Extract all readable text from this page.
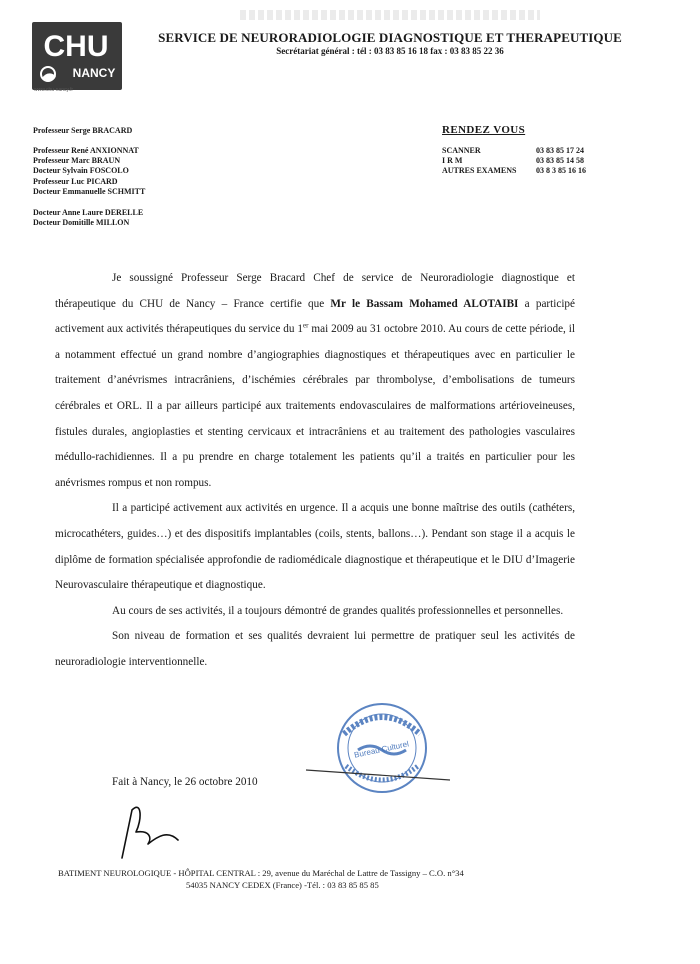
CHU
NANCY
www.chu-nancy.fr
SERVICE DE NEURORADIOLOGIE DIAGNOSTIQUE ET THERAPEUTIQUE
Secrétariat général : tél : 03 83 85 16 18 fax : 03 83 85 22 36
Professeur Serge BRACARD
Professeur René ANXIONNAT
Professeur Marc BRAUN
Docteur Sylvain FOSCOLO
Professeur Luc PICARD
Docteur Emmanuelle SCHMITT
Docteur Anne Laure DERELLE
Docteur Domitille MILLON
RENDEZ VOUS
SCANNER	03 83 85 17 24
I R M	03 83 85 14 58
AUTRES EXAMENS	03 8 3 85 16 16

Je soussigné Professeur Serge Bracard Chef de service de Neuroradiologie diagnostique et thérapeutique du CHU de Nancy – France certifie que Mr le Bassam Mohamed ALOTAIBI a participé activement aux activités thérapeutiques du service du 1er mai 2009 au 31 octobre 2010. Au cours de cette période, il a notamment effectué un grand nombre d’angiographies diagnostiques et thérapeutiques avec en particulier le traitement d’anévrismes intracrâniens, d’ischémies cérébrales par thrombolyse, d’embolisations de tumeurs cérébrales et ORL. Il a par ailleurs participé aux traitements endovasculaires de malformations artérioveineuses, fistules durales, angioplasties et stenting cervicaux et intracrâniens et au traitement des pathologies vasculaires médullo-rachidiennes. Il a pu prendre en charge totalement les patients qu’il a traités en particulier pour les anévrismes rompus et non rompus.

Il a participé activement aux activités en urgence. Il a acquis une bonne maîtrise des outils (cathéters, microcathéters, guides…) et des dispositifs implantables (coils, stents, ballons…). Pendant son stage il a acquis le diplôme de formation spécialisée approfondie de radiomédicale diagnostique et thérapeutique et le DIU d’Imagerie Neurovasculaire thérapeutique et diagnostique.

Au cours de ses activités, il a toujours démontré de grandes qualités professionnelles et personnelles.

Son niveau de formation et ses qualités devraient lui permettre de pratiquer seul les activités de neuroradiologie interventionnelle.

Bureau Culturel
Fait à Nancy, le 26 octobre 2010
BATIMENT NEUROLOGIQUE - HÔPITAL CENTRAL : 29, avenue du Maréchal de Lattre de Tassigny – C.O. n°34
54035 NANCY CEDEX (France) -Tél. : 03 83 85 85 85
